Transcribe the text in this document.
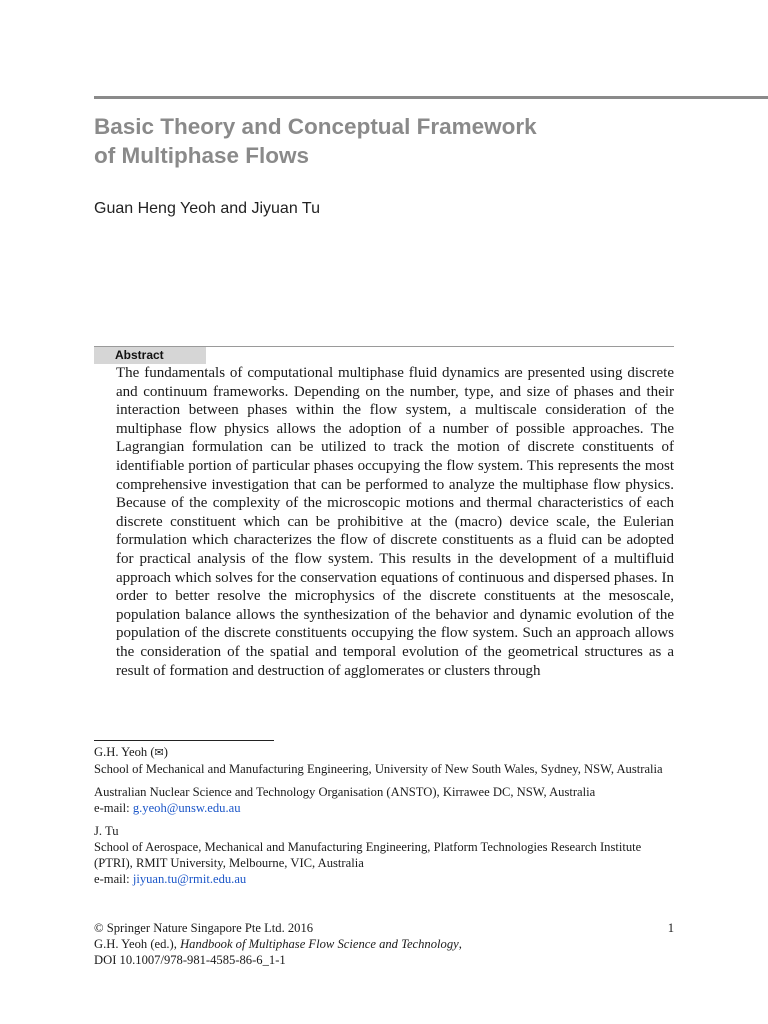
Basic Theory and Conceptual Framework
of Multiphase Flows
Guan Heng Yeoh and Jiyuan Tu
Abstract

The fundamentals of computational multiphase fluid dynamics are presented using discrete and continuum frameworks. Depending on the number, type, and size of phases and their interaction between phases within the flow system, a multiscale consideration of the multiphase flow physics allows the adoption of a number of possible approaches. The Lagrangian formulation can be utilized to track the motion of discrete constituents of identifiable portion of particular phases occupying the flow system. This represents the most comprehensive investigation that can be performed to analyze the multiphase flow physics. Because of the complexity of the microscopic motions and thermal characteristics of each discrete constituent which can be prohibitive at the (macro) device scale, the Eulerian formulation which characterizes the flow of discrete constituents as a fluid can be adopted for practical analysis of the flow system. This results in the development of a multifluid approach which solves for the conservation equations of continuous and dispersed phases. In order to better resolve the microphysics of the discrete constituents at the mesoscale, population balance allows the synthesization of the behavior and dynamic evolution of the population of the discrete constituents occupying the flow system. Such an approach allows the consideration of the spatial and temporal evolution of the geometrical structures as a result of formation and destruction of agglomerates or clusters through

G.H. Yeoh (✉)

School of Mechanical and Manufacturing Engineering, University of New South Wales, Sydney, NSW, Australia

Australian Nuclear Science and Technology Organisation (ANSTO), Kirrawee DC, NSW, Australia

e-mail: g.yeoh@unsw.edu.au

J. Tu

School of Aerospace, Mechanical and Manufacturing Engineering, Platform Technologies Research Institute (PTRI), RMIT University, Melbourne, VIC, Australia

e-mail: jiyuan.tu@rmit.edu.au

1

© Springer Nature Singapore Pte Ltd. 2016

G.H. Yeoh (ed.), Handbook of Multiphase Flow Science and Technology,

DOI 10.1007/978-981-4585-86-6_1-1
